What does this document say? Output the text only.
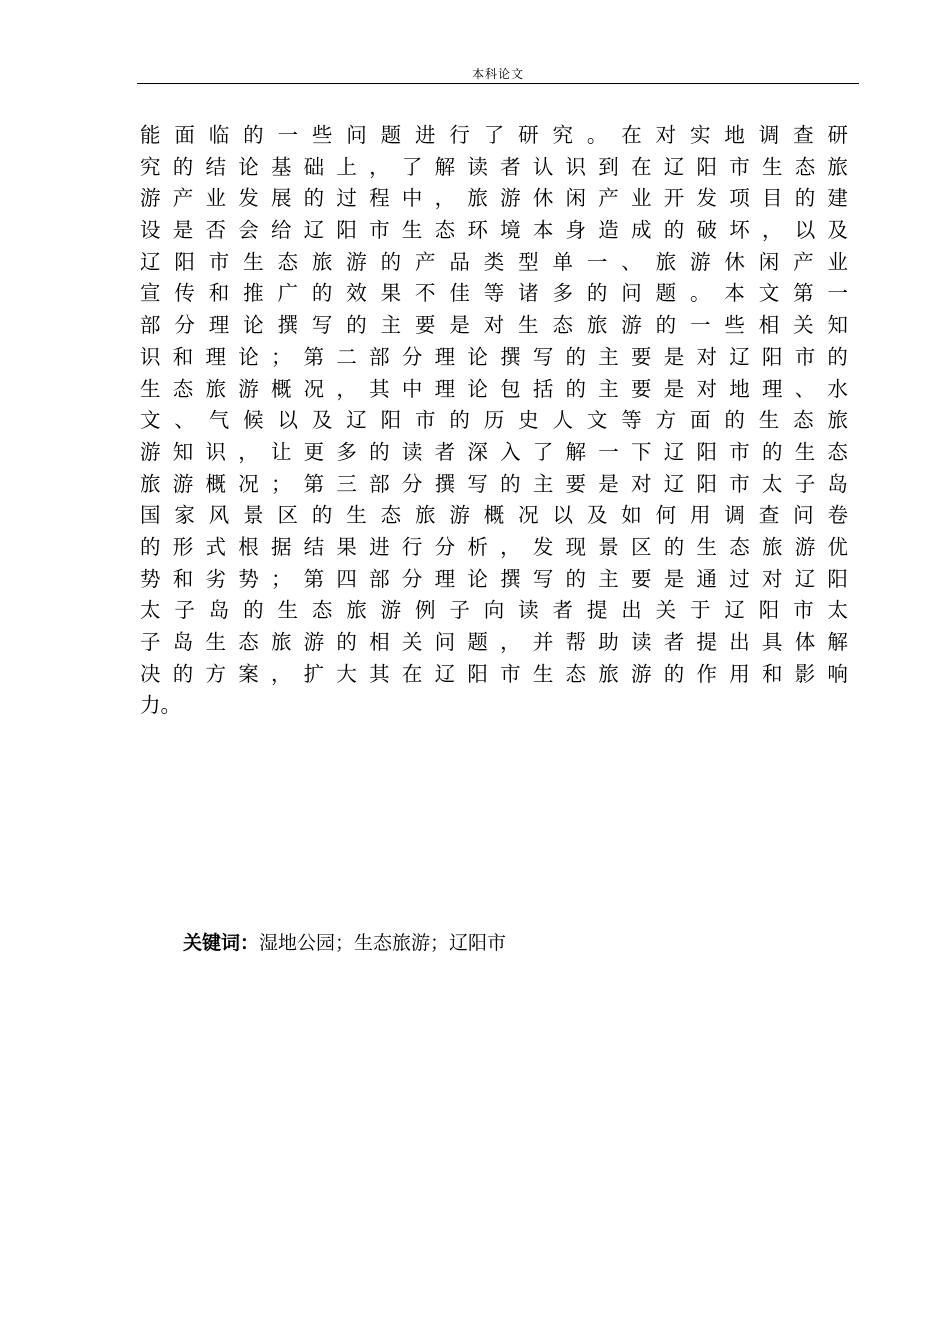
本科论文
能 面 临 的 一 些 问 题 进 行 了 研 究 。 在 对 实 地 调 查 研
究 的 结 论 基 础 上 ， 了 解 读 者 认 识 到 在 辽 阳 市 生 态 旅
游 产 业 发 展 的 过 程 中 ， 旅 游 休 闲 产 业 开 发 项 目 的 建
设 是 否 会 给 辽 阳 市 生 态 环 境 本 身 造 成 的 破 坏 ， 以 及
辽 阳 市 生 态 旅 游 的 产 品 类 型 单 一 、 旅 游 休 闲 产 业
宣 传 和 推 广 的 效 果 不 佳 等 诸 多 的 问 题 。 本 文 第 一
部 分 理 论 撰 写 的 主 要 是 对 生 态 旅 游 的 一 些 相 关 知
识 和 理 论 ； 第 二 部 分 理 论 撰 写 的 主 要 是 对 辽 阳 市 的
生 态 旅 游 概 况 ， 其 中 理 论 包 括 的 主 要 是 对 地 理 、 水
文 、 气 候 以 及 辽 阳 市 的 历 史 人 文 等 方 面 的 生 态 旅
游 知 识 ， 让 更 多 的 读 者 深 入 了 解 一 下 辽 阳 市 的 生 态
旅 游 概 况 ； 第 三 部 分 撰 写 的 主 要 是 对 辽 阳 市 太 子 岛
国 家 风 景 区 的 生 态 旅 游 概 况 以 及 如 何 用 调 查 问 卷
的 形 式 根 据 结 果 进 行 分 析 ， 发 现 景 区 的 生 态 旅 游 优
势 和 劣 势 ； 第 四 部 分 理 论 撰 写 的 主 要 是 通 过 对 辽 阳
太 子 岛 的 生 态 旅 游 例 子 向 读 者 提 出 关 于 辽 阳 市 太
子 岛 生 态 旅 游 的 相 关 问 题 ， 并 帮 助 读 者 提 出 具 体 解
决 的 方 案 ， 扩 大 其 在 辽 阳 市 生 态 旅 游 的 作 用 和 影 响
力 。
关键词：湿地公园；生态旅游；辽阳市
